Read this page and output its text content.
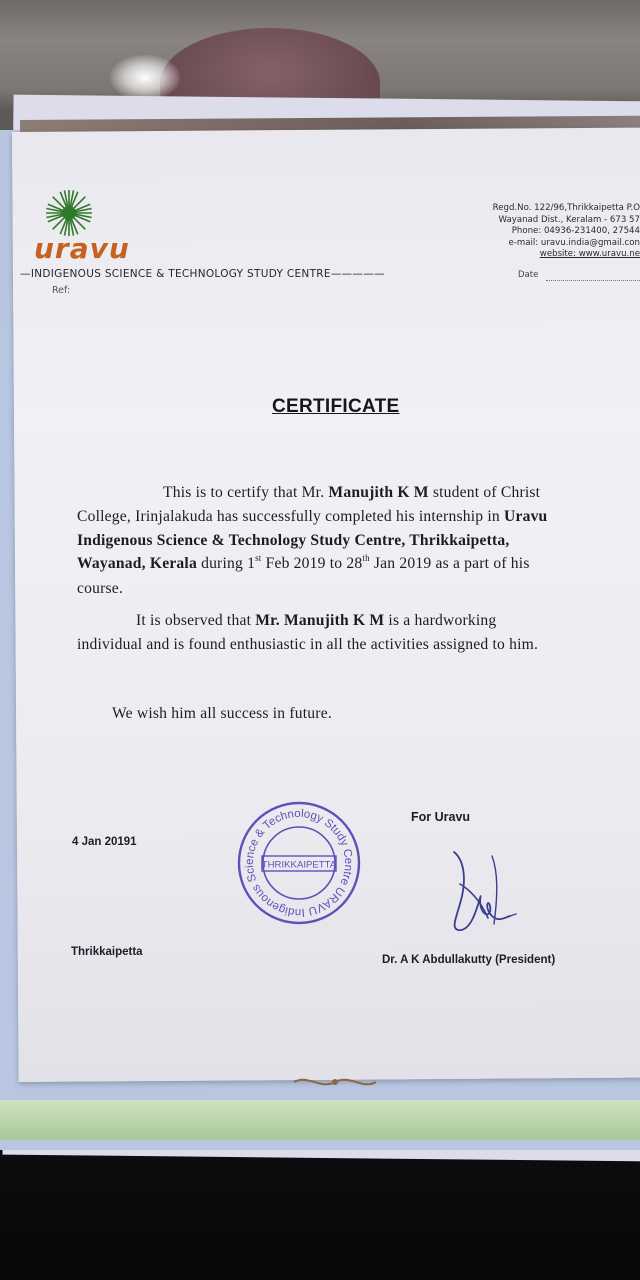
uravu
—INDIGENOUS SCIENCE & TECHNOLOGY STUDY CENTRE—————
Regd.No. 122/96,Thrikkaipetta P.O
Wayanad Dist., Keralam - 673 57
Phone: 04936-231400, 27544
e-mail: uravu.india@gmail.con
website: www.uravu.ne
Date
Ref:
CERTIFICATE
This is to certify that Mr. Manujith K M student of Christ
College, Irinjalakuda has successfully completed his internship in Uravu
Indigenous Science & Technology Study Centre, Thrikkaipetta,
Wayanad, Kerala during 1st Feb 2019 to 28th Jan 2019 as a part of his
course.
It is observed that Mr. Manujith K M is a hardworking
individual and is found enthusiastic in all the activities assigned to him.
We wish him all success in future.
4 Jan 20191
Thrikkaipetta
For Uravu
Dr. A K Abdullakutty (President)
URAVU Indigenous Science & Technology Study Centre
THRIKKAIPETTA
